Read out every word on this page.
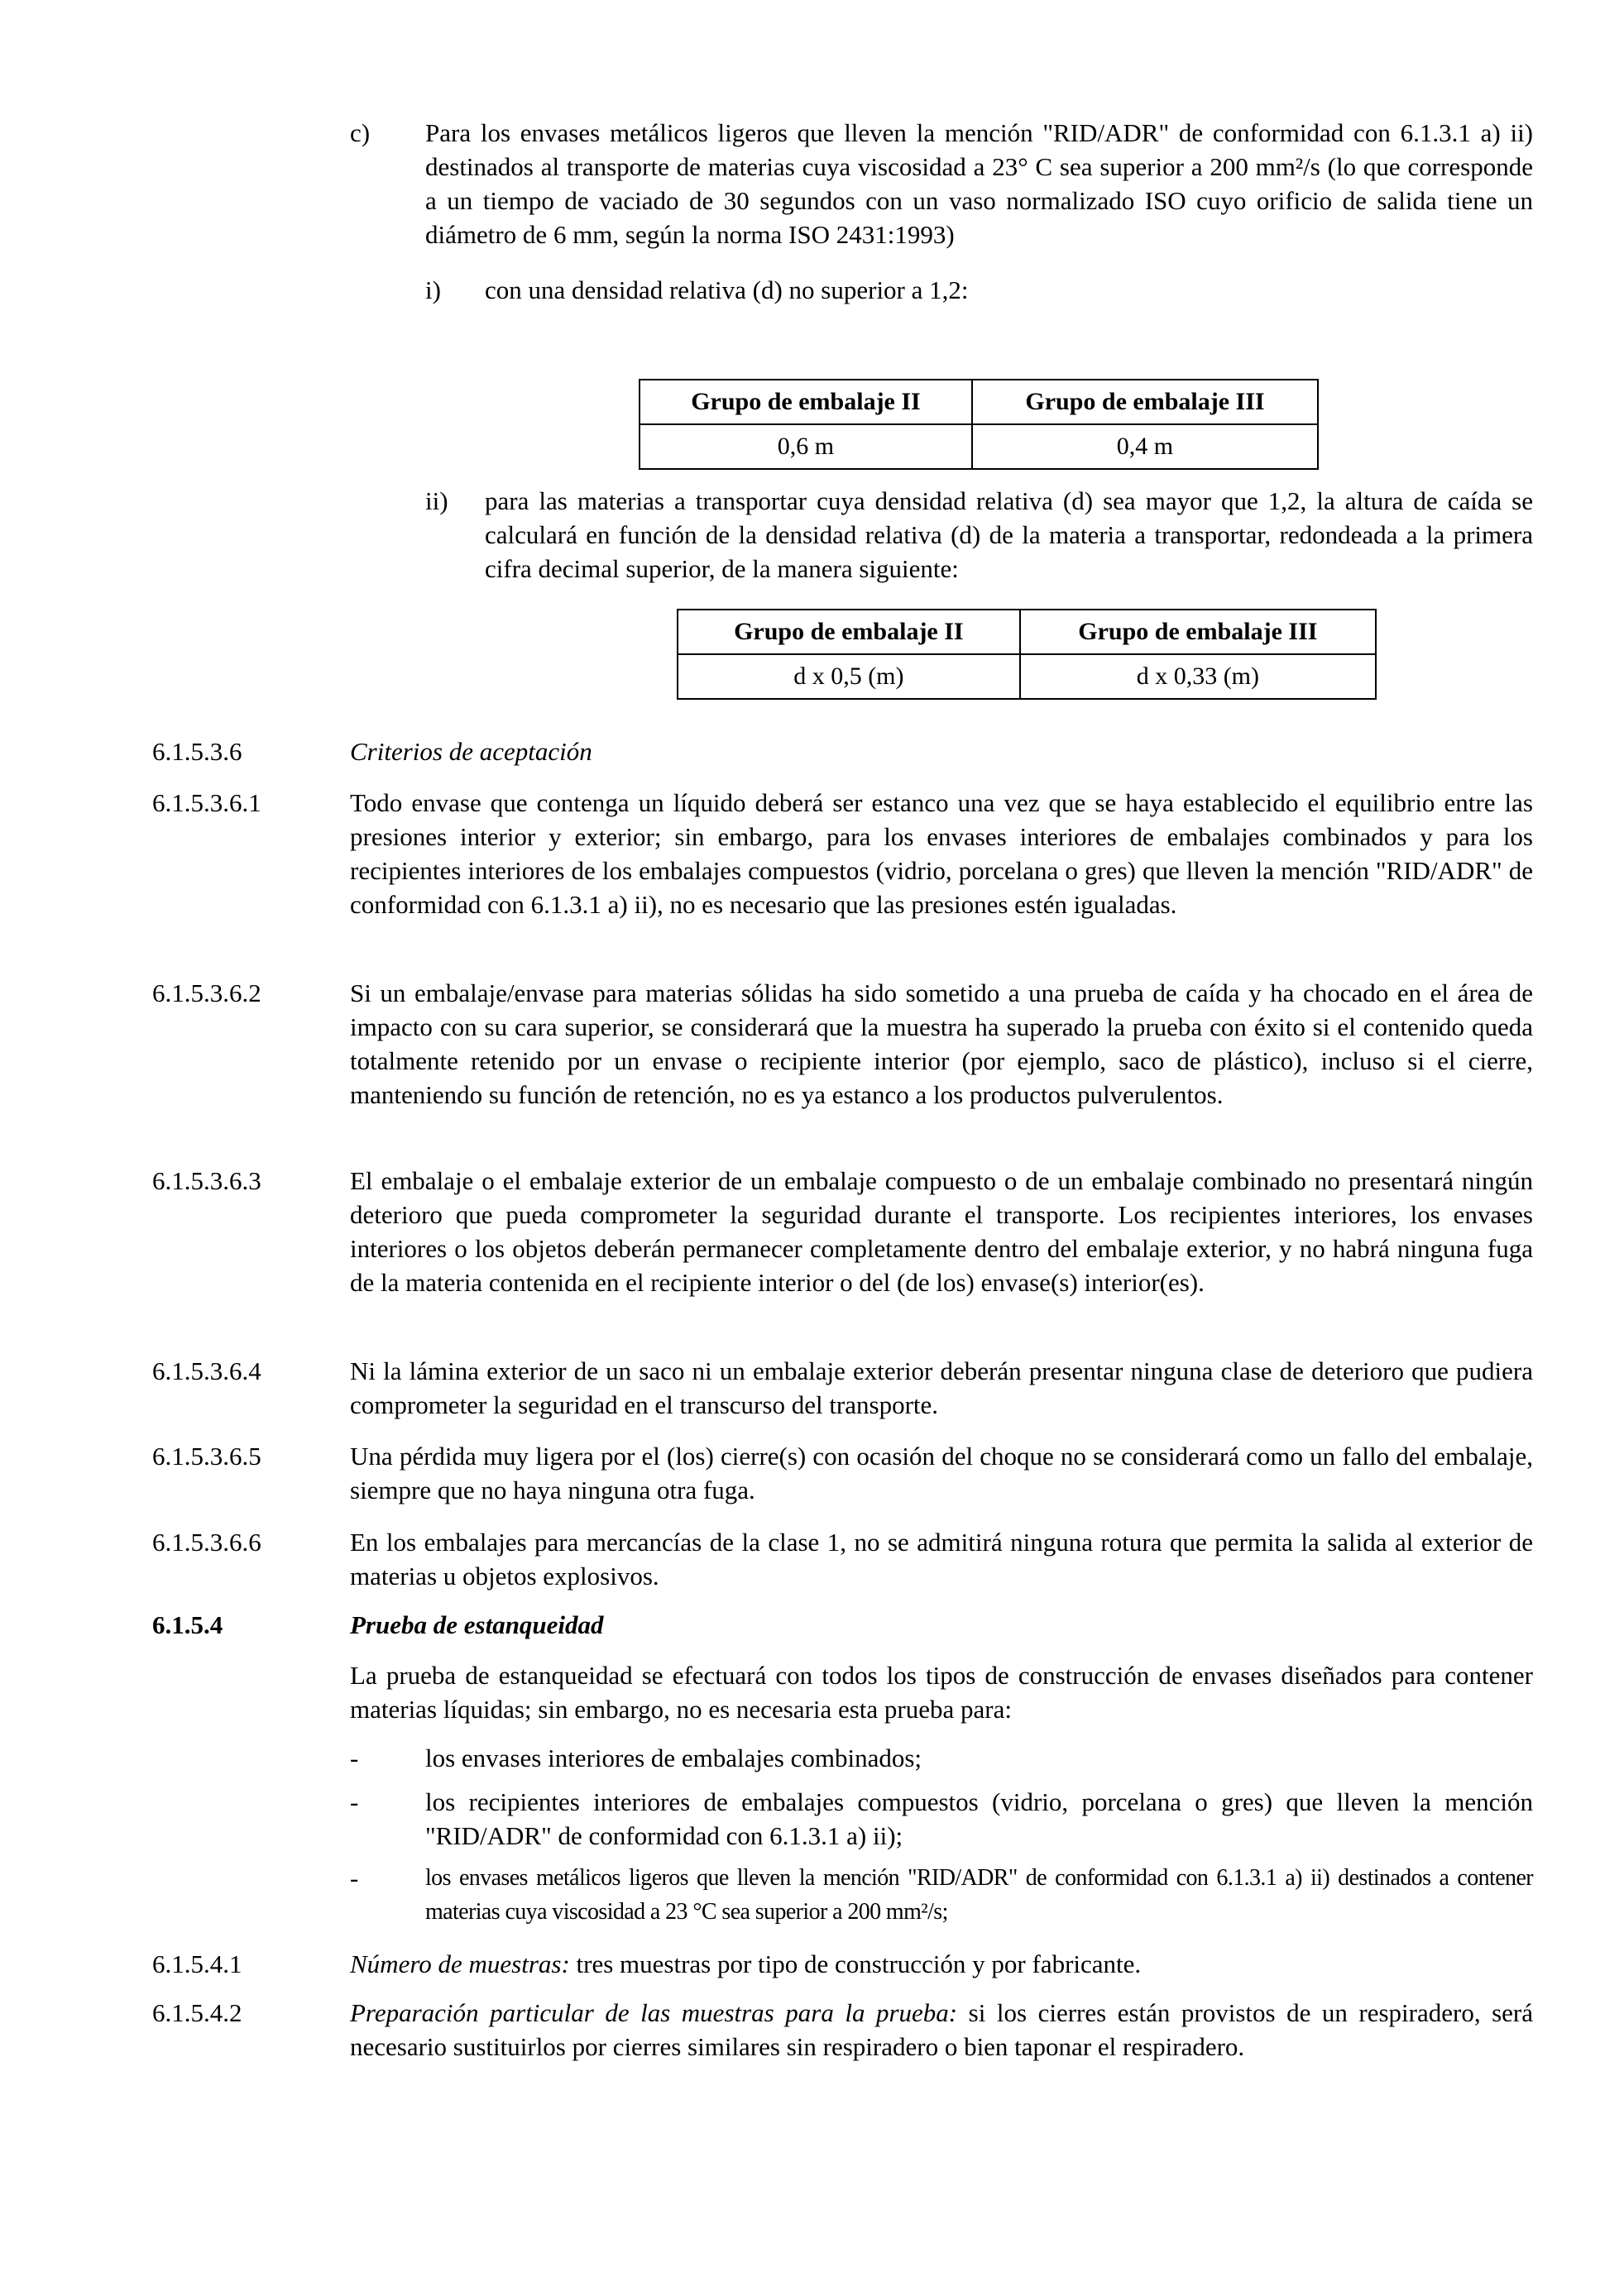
c) Para los envases metálicos ligeros que lleven la mención "RID/ADR" de conformidad con 6.1.3.1 a) ii) destinados al transporte de materias cuya viscosidad a 23° C sea superior a 200 mm²/s (lo que corresponde a un tiempo de vaciado de 30 segundos con un vaso normalizado ISO cuyo orificio de salida tiene un diámetro de 6 mm, según la norma ISO 2431:1993)
i) con una densidad relativa (d) no superior a 1,2:
Grupo de embalaje II	Grupo de embalaje III
0,6 m	0,4 m
ii) para las materias a transportar cuya densidad relativa (d) sea mayor que 1,2, la altura de caída se calculará en función de la densidad relativa (d) de la materia a transportar, redondeada a la primera cifra decimal superior, de la manera siguiente:
Grupo de embalaje II	Grupo de embalaje III
d x 0,5 (m)	d x 0,33 (m)
6.1.5.3.6	Criterios de aceptación
6.1.5.3.6.1	Todo envase que contenga un líquido deberá ser estanco una vez que se haya establecido el equilibrio entre las presiones interior y exterior; sin embargo, para los envases interiores de embalajes combinados y para los recipientes interiores de los embalajes compuestos (vidrio, porcelana o gres) que lleven la mención "RID/ADR" de conformidad con 6.1.3.1 a) ii), no es necesario que las presiones estén igualadas.
6.1.5.3.6.2	Si un embalaje/envase para materias sólidas ha sido sometido a una prueba de caída y ha chocado en el área de impacto con su cara superior, se considerará que la muestra ha superado la prueba con éxito si el contenido queda totalmente retenido por un envase o recipiente interior (por ejemplo, saco de plástico), incluso si el cierre, manteniendo su función de retención, no es ya estanco a los productos pulverulentos.
6.1.5.3.6.3	El embalaje o el embalaje exterior de un embalaje compuesto o de un embalaje combinado no presentará ningún deterioro que pueda comprometer la seguridad durante el transporte. Los recipientes interiores, los envases interiores o los objetos deberán permanecer completamente dentro del embalaje exterior, y no habrá ninguna fuga de la materia contenida en el recipiente interior o del (de los) envase(s) interior(es).
6.1.5.3.6.4	Ni la lámina exterior de un saco ni un embalaje exterior deberán presentar ninguna clase de deterioro que pudiera comprometer la seguridad en el transcurso del transporte.
6.1.5.3.6.5	Una pérdida muy ligera por el (los) cierre(s) con ocasión del choque no se considerará como un fallo del embalaje, siempre que no haya ninguna otra fuga.
6.1.5.3.6.6	En los embalajes para mercancías de la clase 1, no se admitirá ninguna rotura que permita la salida al exterior de materias u objetos explosivos.
6.1.5.4	Prueba de estanqueidad
La prueba de estanqueidad se efectuará con todos los tipos de construcción de envases diseñados para contener materias líquidas; sin embargo, no es necesaria esta prueba para:
-	los envases interiores de embalajes combinados;
-	los recipientes interiores de embalajes compuestos (vidrio, porcelana o gres) que lleven la mención "RID/ADR" de conformidad con 6.1.3.1 a) ii);
-	los envases metálicos ligeros que lleven la mención "RID/ADR" de conformidad con 6.1.3.1 a) ii) destinados a contener materias cuya viscosidad a 23 °C sea superior a 200 mm²/s;
6.1.5.4.1	Número de muestras: tres muestras por tipo de construcción y por fabricante.
6.1.5.4.2	Preparación particular de las muestras para la prueba: si los cierres están provistos de un respiradero, será necesario sustituirlos por cierres similares sin respiradero o bien taponar el respiradero.
